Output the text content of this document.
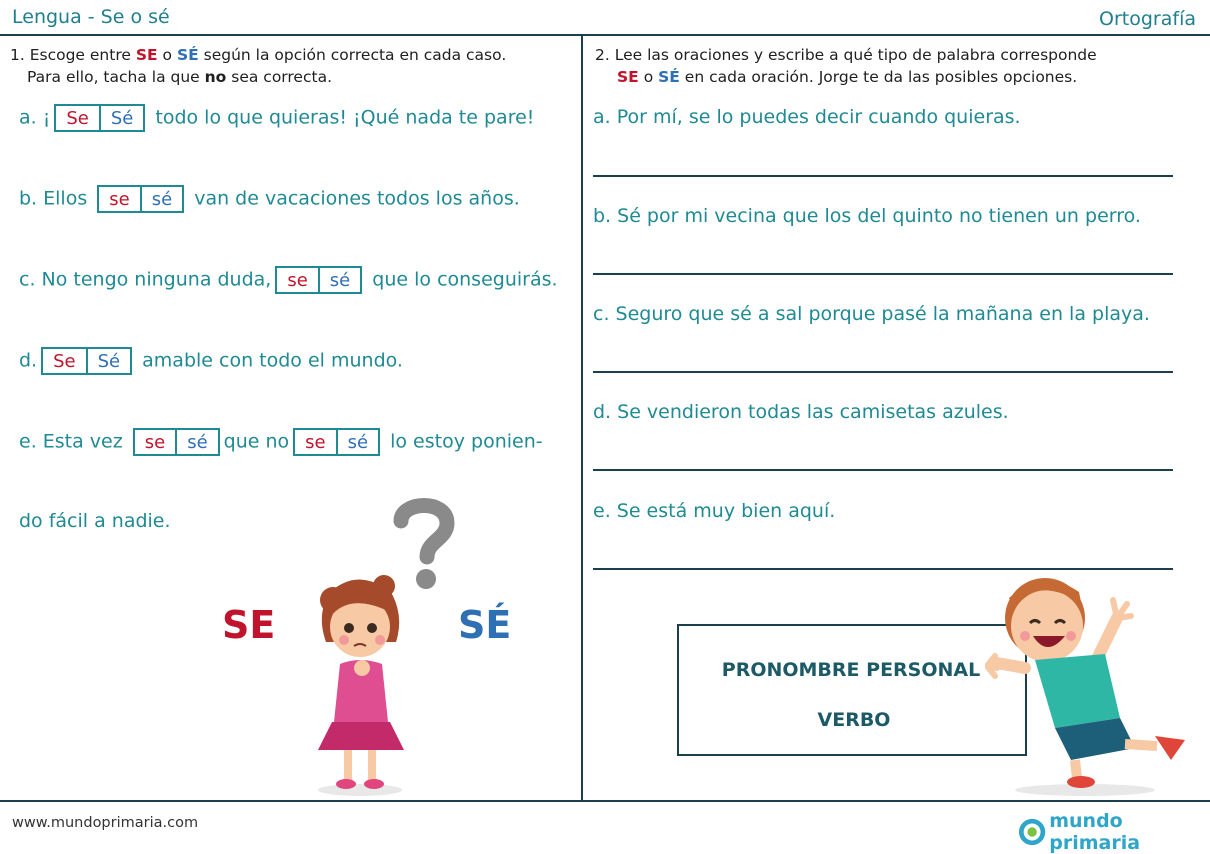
Lengua - Se o sé	Ortografía
1. Escoge entre SE o SÉ según la opción correcta en cada caso.
Para ello, tacha la que no sea correcta.
a. ¡ Se	Sé todo lo que quieras! ¡Qué nada te pare!
b. Ellos se	sé van de vacaciones todos los años.
c. No tengo ninguna duda, se	sé que lo conseguirás.
d. Se	Sé amable con todo el mundo.
e. Esta vez se	sé que no se	sé lo estoy ponien-
do fácil a nadie.
SE	SÉ
2. Lee las oraciones y escribe a qué tipo de palabra corresponde
SE o SÉ en cada oración. Jorge te da las posibles opciones.
a. Por mí, se lo puedes decir cuando quieras.
b. Sé por mi vecina que los del quinto no tienen un perro.
c. Seguro que sé a sal porque pasé la mañana en la playa.
d. Se vendieron todas las camisetas azules.
e. Se está muy bien aquí.
PRONOMBRE PERSONAL
VERBO
www.mundoprimaria.com	mundo primaria
